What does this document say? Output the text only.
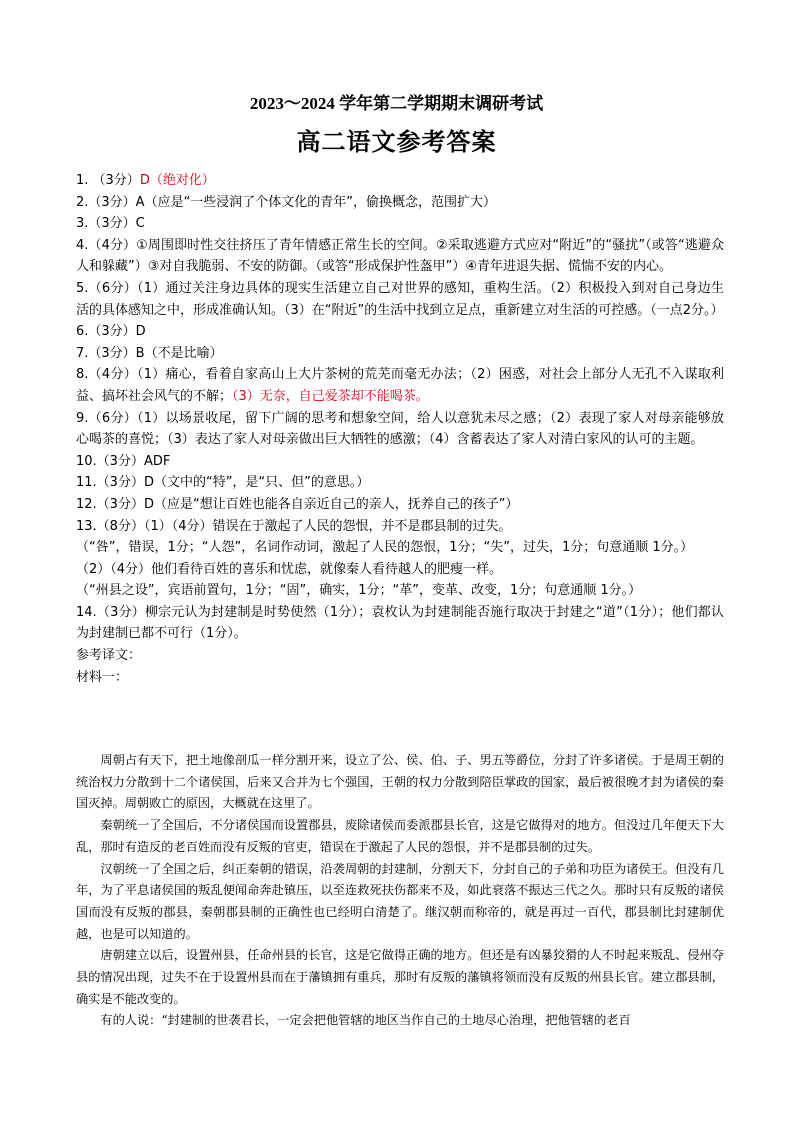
2023～2024 学年第二学期期末调研考试
高二语文参考答案

1. （3分）D（绝对化）

2.（3分）A（应是“一些浸润了个体文化的青年”，偷换概念，范围扩大）

3.（3分）C

4.（4分）①周围即时性交往挤压了青年情感正常生长的空间。②采取逃避方式应对“附近”的“骚扰”（或答“逃避众人和躲藏”）③对自我脆弱、不安的防御。（或答“形成保护性盔甲”）④青年进退失据、慌惴不安的内心。

5.（6分）（1）通过关注身边具体的现实生活建立自己对世界的感知，重构生活。（2）积极投入到对自己身边生活的具体感知之中，形成准确认知。（3）在“附近”的生活中找到立足点，重新建立对生活的可控感。（一点2分。）

6.（3分）D

7.（3分）B（不是比喻）

8.（4分）（1）痛心，看着自家高山上大片茶树的荒芜而毫无办法；（2）困惑，对社会上部分人无孔不入谋取利益、搞坏社会风气的不解；（3）无奈，自己爱茶却不能喝茶。

9.（6分）（1）以场景收尾，留下广阔的思考和想象空间，给人以意犹未尽之感；（2）表现了家人对母亲能够放心喝茶的喜悦；（3）表达了家人对母亲做出巨大牺牲的感激；（4）含蓄表达了家人对清白家风的认可的主题。

10.（3分）ADF

11.（3分）D（文中的“特”，是“只、但”的意思。）

12.（3分）D（应是“想让百姓也能各自亲近自己的亲人，抚养自己的孩子”）

13.（8分）（1）（4分）错误在于激起了人民的怨恨，并不是郡县制的过失。

（“咎”，错误，1分；“人怨”，名词作动词，激起了人民的怨恨，1分；“失”，过失，1分；句意通顺 1分。）

（2）（4分）他们看待百姓的喜乐和忧虑，就像秦人看待越人的肥瘦一样。

（“州县之设”，宾语前置句，1分；“固”，确实，1分；“革”，变革、改变，1分；句意通顺 1分。）

14.（3分）柳宗元认为封建制是时势使然（1分）；袁枚认为封建制能否施行取决于封建之“道”（1分）；他们都认为封建制已都不可行（1分）。

参考译文：

材料一：

周朝占有天下，把土地像剖瓜一样分割开来，设立了公、侯、伯、子、男五等爵位，分封了许多诸侯。于是周王朝的统治权力分散到十二个诸侯国，后来又合并为七个强国，王朝的权力分散到陪臣掌政的国家，最后被很晚才封为诸侯的秦国灭掉。周朝败亡的原因，大概就在这里了。

秦朝统一了全国后，不分诸侯国而设置郡县，废除诸侯而委派郡县长官，这是它做得对的地方。但没过几年便天下大乱，那时有造反的老百姓而没有反叛的官吏，错误在于激起了人民的怨恨，并不是郡县制的过失。

汉朝统一了全国之后，纠正秦朝的错误，沿袭周朝的封建制，分割天下，分封自己的子弟和功臣为诸侯王。但没有几年，为了平息诸侯国的叛乱便闻命奔赴镇压，以至连救死扶伤都来不及，如此衰落不振达三代之久。那时只有反叛的诸侯国而没有反叛的郡县，秦朝郡县制的正确性也已经明白清楚了。继汉朝而称帝的，就是再过一百代，郡县制比封建制优越，也是可以知道的。

唐朝建立以后，设置州县，任命州县的长官，这是它做得正确的地方。但还是有凶暴狡猾的人不时起来叛乱、侵州夺县的情况出现，过失不在于设置州县而在于藩镇拥有重兵，那时有反叛的藩镇将领而没有反叛的州县长官。建立郡县制，确实是不能改变的。

有的人说：“封建制的世袭君长，一定会把他管辖的地区当作自己的土地尽心治理，把他管辖的老百
